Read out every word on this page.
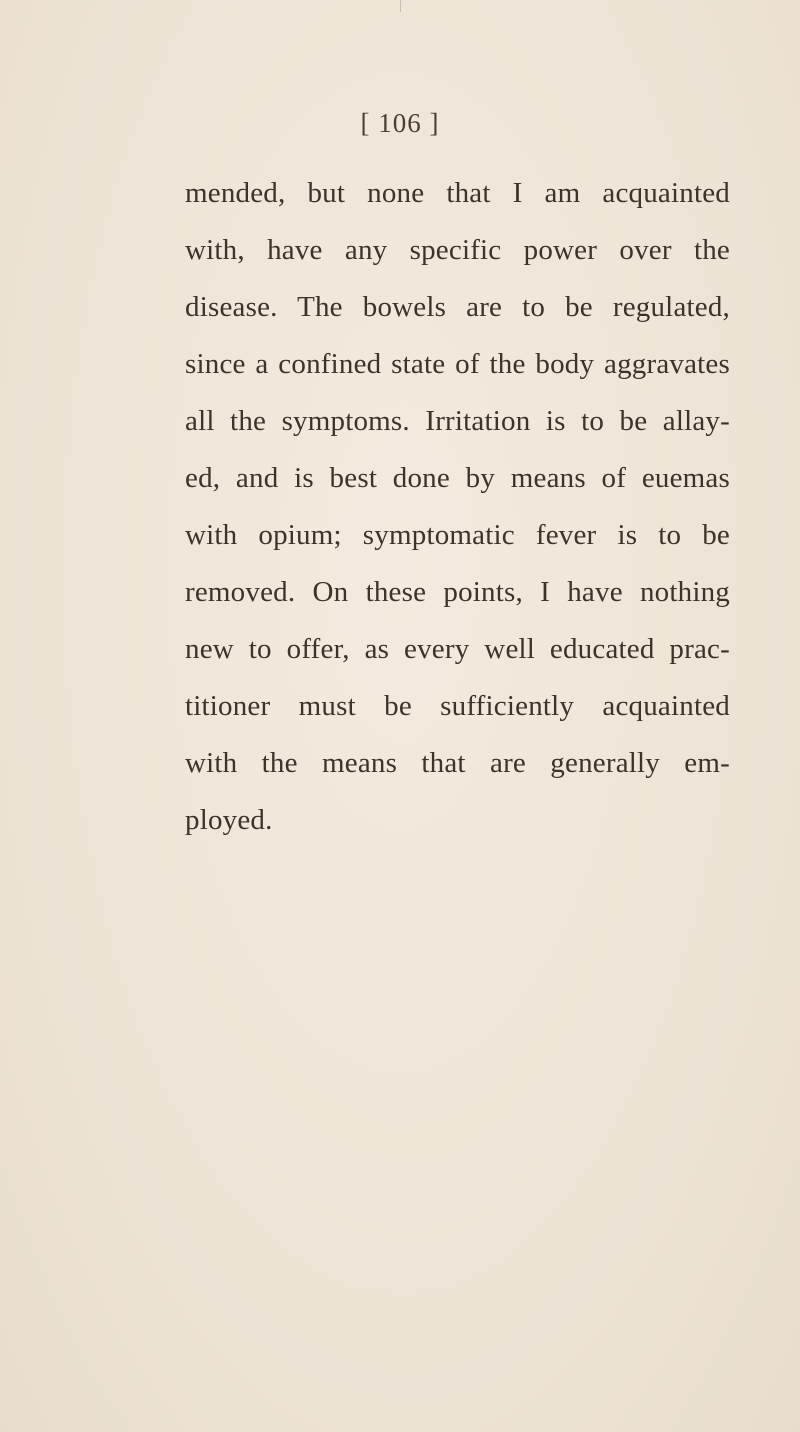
[ 106 ]
mended, but none that I am acquainted
with, have any specific power over the
disease. The bowels are to be regulated,
since a confined state of the body aggravates
all the symptoms. Irritation is to be allay-
ed, and is best done by means of euemas
with opium; symptomatic fever is to be
removed. On these points, I have nothing
new to offer, as every well educated prac-
titioner must be sufficiently acquainted
with the means that are generally em-
ployed.
